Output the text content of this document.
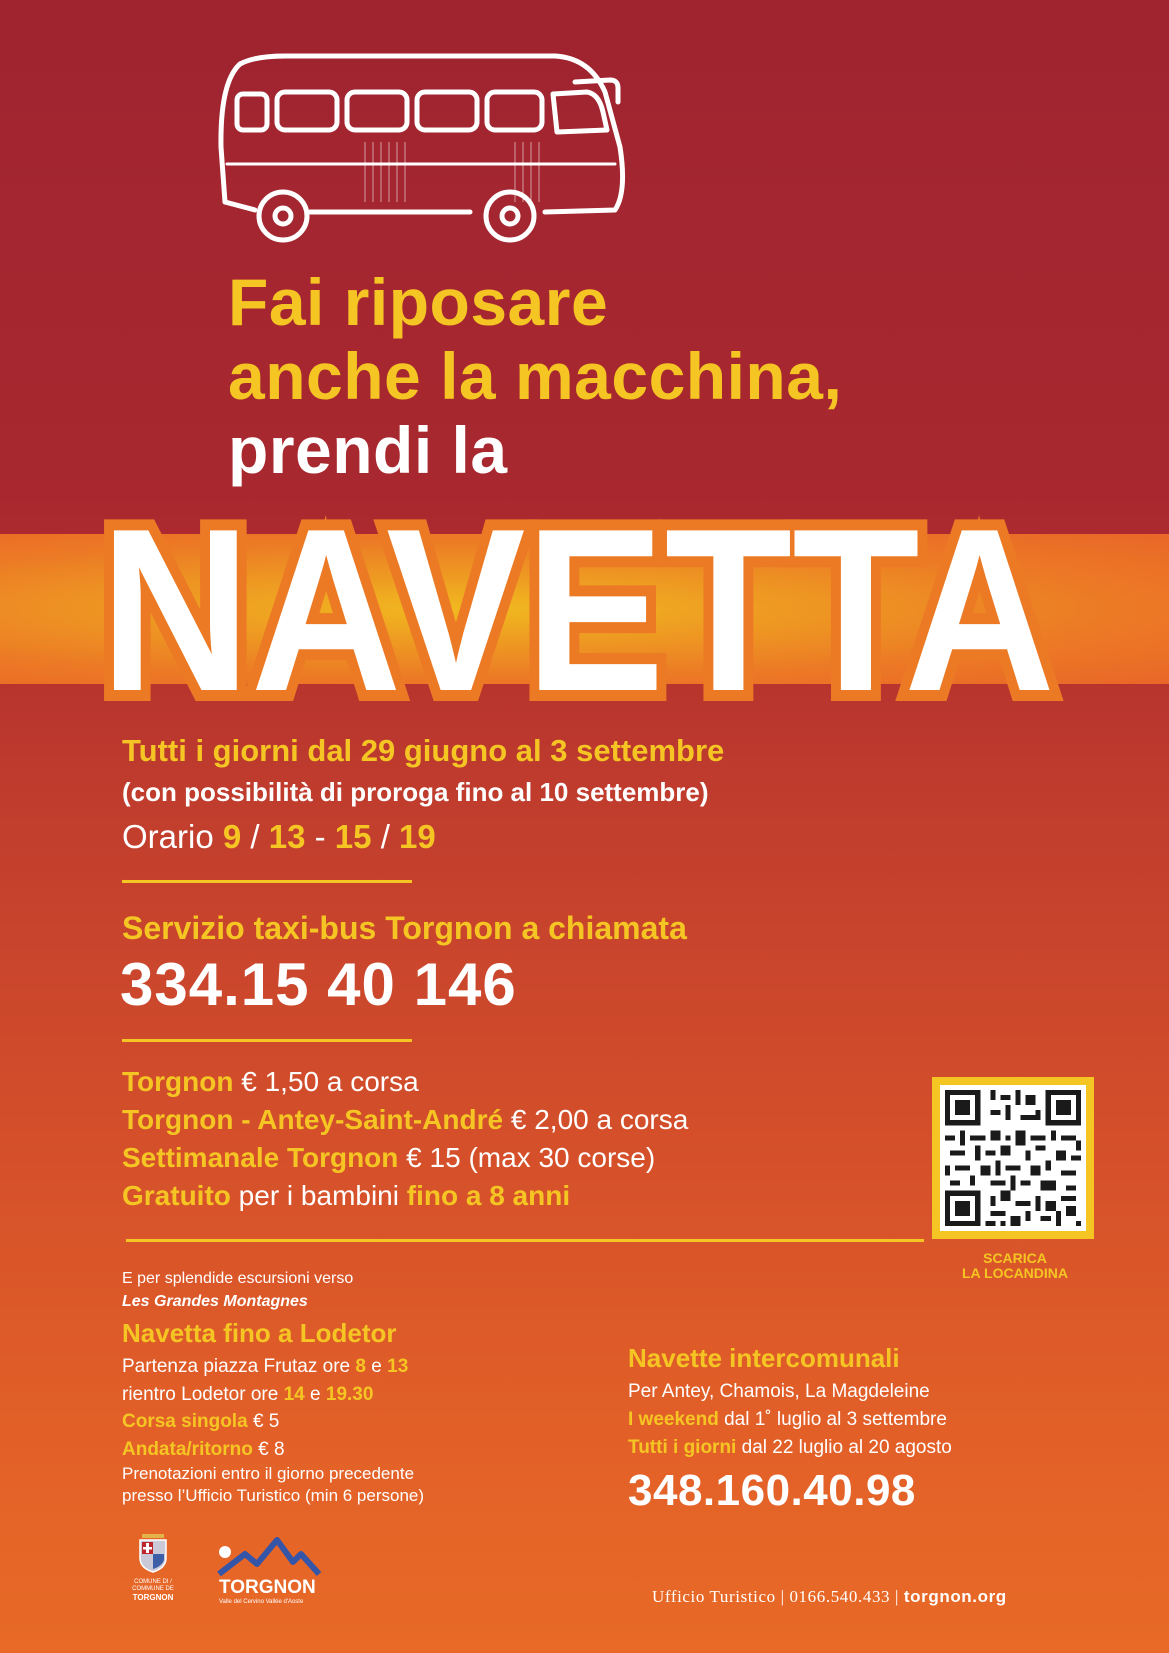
Fai riposare
anche la macchina,
prendi la
NAVETTA
Tutti i giorni dal 29 giugno al 3 settembre
(con possibilità di proroga fino al 10 settembre)
Orario 9 / 13 - 15 / 19
Servizio taxi-bus Torgnon a chiamata
334.15 40 146
Torgnon € 1,50 a corsa
Torgnon - Antey-Saint-André € 2,00 a corsa
Settimanale Torgnon € 15 (max 30 corse)
Gratuito per i bambini fino a 8 anni
SCARICA
LA LOCANDINA
E per splendide escursioni verso
Les Grandes Montagnes
Navetta fino a Lodetor
Partenza piazza Frutaz ore 8 e 13
rientro Lodetor ore 14 e 19.30
Corsa singola € 5
Andata/ritorno € 8
Prenotazioni entro il giorno precedente
presso l’Ufficio Turistico (min 6 persone)
Navette intercomunali
Per Antey, Chamois, La Magdeleine
I weekend dal 1˚ luglio al 3 settembre
Tutti i giorni dal 22 luglio al 20 agosto
348.160.40.98
COMUNE DI / COMMUNE DE
TORGNON	TORGNON
Valle del Cervino Vallée d'Aoste	Ufficio Turistico | 0166.540.433 | torgnon.org
